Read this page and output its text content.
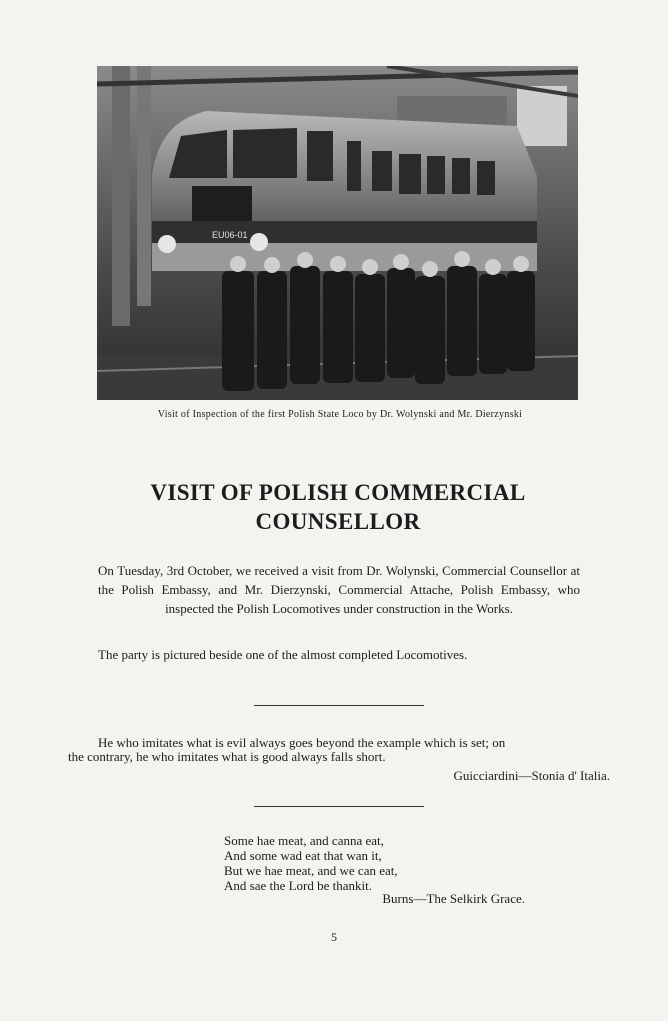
EU06-01
Visit of Inspection of the first Polish State Loco by Dr. Wolynski and Mr. Dierzynski
VISIT OF POLISH COMMERCIAL
COUNSELLOR
On Tuesday, 3rd October, we received a visit from Dr. Wolynski, Commercial Counsellor at the Polish Embassy, and Mr. Dierzynski, Commercial Attache, Polish Embassy, who inspected the Polish Locomotives under construction in the Works.
The party is pictured beside one of the almost completed Locomotives.
He who imitates what is evil always goes beyond the example which is set; on
the contrary, he who imitates what is good always falls short.
Guicciardini—Stonia d' Italia.
Some hae meat, and canna eat,
And some wad eat that wan it,
But we hae meat, and we can eat,
And sae the Lord be thankit.
Burns—The Selkirk Grace.
5
